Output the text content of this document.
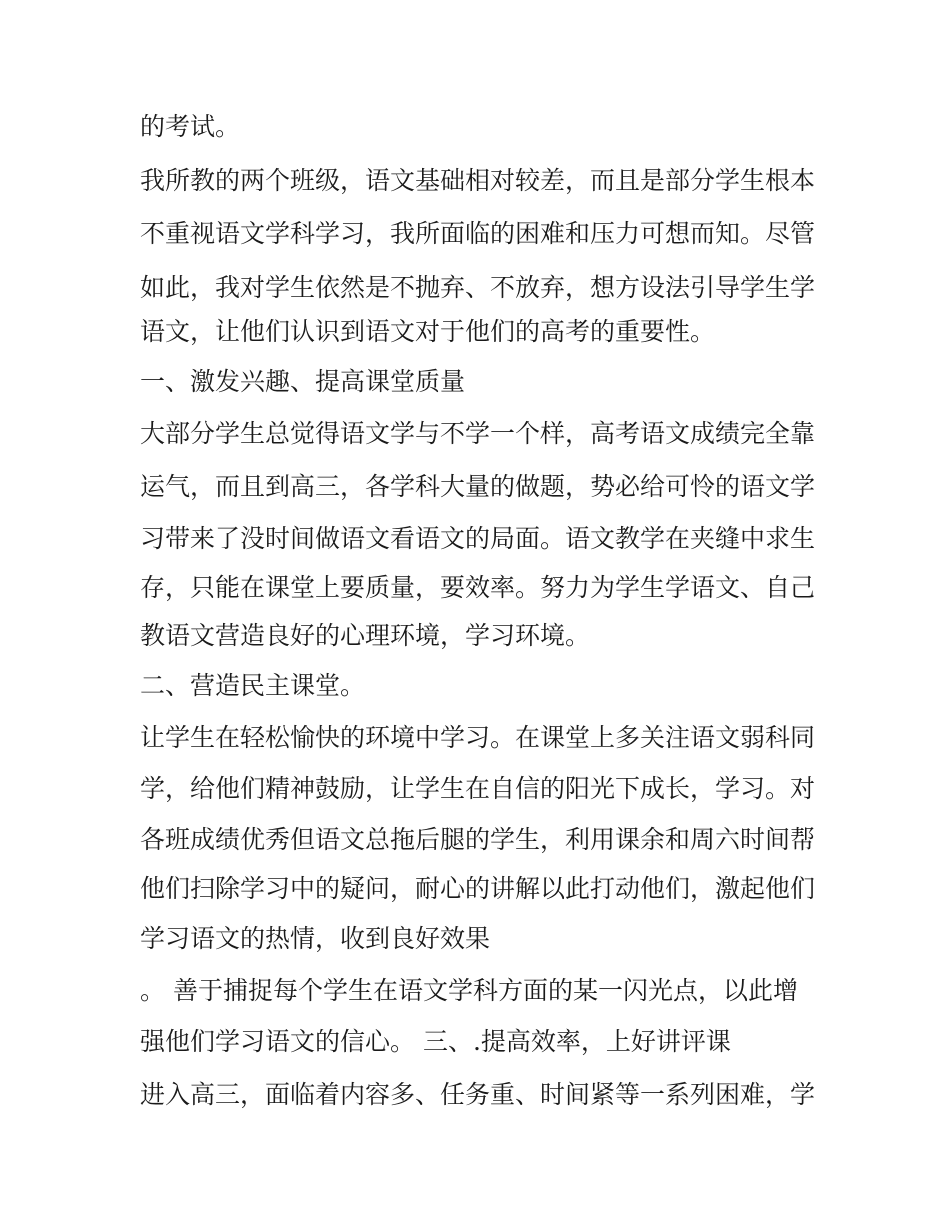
的考试。
我所教的两个班级，语文基础相对较差，而且是部分学生根本
不重视语文学科学习，我所面临的困难和压力可想而知。尽管
如此，我对学生依然是不抛弃、不放弃，想方设法引导学生学
语文，让他们认识到语文对于他们的高考的重要性。
一、激发兴趣、提高课堂质量
大部分学生总觉得语文学与不学一个样，高考语文成绩完全靠
运气，而且到高三，各学科大量的做题，势必给可怜的语文学
习带来了没时间做语文看语文的局面。语文教学在夹缝中求生
存，只能在课堂上要质量，要效率。努力为学生学语文、自己
教语文营造良好的心理环境，学习环境。
二、营造民主课堂。
让学生在轻松愉快的环境中学习。在课堂上多关注语文弱科同
学，给他们精神鼓励，让学生在自信的阳光下成长，学习。对
各班成绩优秀但语文总拖后腿的学生，利用课余和周六时间帮
他们扫除学习中的疑问，耐心的讲解以此打动他们，激起他们
学习语文的热情，收到良好效果
。 善于捕捉每个学生在语文学科方面的某一闪光点，以此增
强他们学习语文的信心。 三、.提高效率，上好讲评课
进入高三，面临着内容多、任务重、时间紧等一系列困难，学
